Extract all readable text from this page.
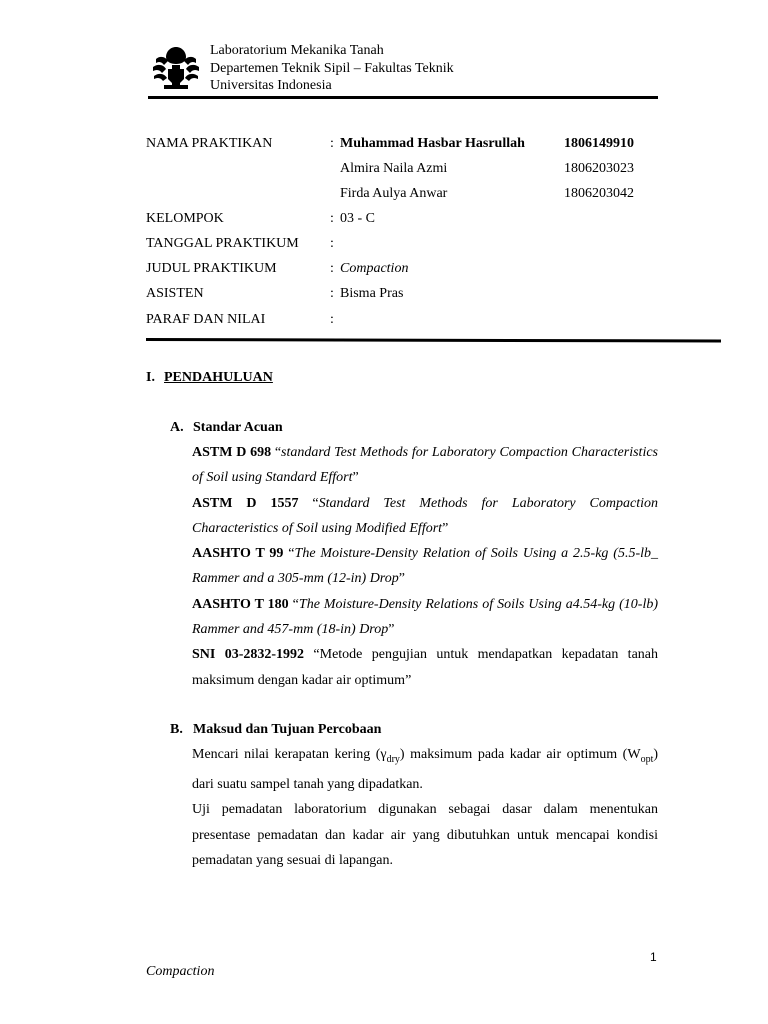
Laboratorium Mekanika Tanah
Departemen Teknik Sipil – Fakultas Teknik
Universitas Indonesia
NAMA PRAKTIKAN	: Muhammad Hasbar Hasrullah	1806149910
Almira Naila Azmi	1806203023
Firda Aulya Anwar	1806203042
KELOMPOK	: 03 - C
TANGGAL PRAKTIKUM :
JUDUL PRAKTIKUM	: Compaction
ASISTEN	: Bisma Pras
PARAF DAN NILAI	:
I. PENDAHULUAN
A. Standar Acuan
ASTM D 698 “standard Test Methods for Laboratory Compaction Characteristics of Soil using Standard Effort”
ASTM D 1557 “Standard Test Methods for Laboratory Compaction Characteristics of Soil using Modified Effort”
AASHTO T 99 “The Moisture-Density Relation of Soils Using a 2.5-kg (5.5-lb_ Rammer and a 305-mm (12-in) Drop”
AASHTO T 180 “The Moisture-Density Relations of Soils Using a4.54-kg (10-lb) Rammer and 457-mm (18-in) Drop”
SNI 03-2832-1992 “Metode pengujian untuk mendapatkan kepadatan tanah maksimum dengan kadar air optimum”
B. Maksud dan Tujuan Percobaan
Mencari nilai kerapatan kering $(\gamma_{dry})$ maksimum pada kadar air optimum $(W_{opt})$ dari suatu sampel tanah yang dipadatkan.
Uji pemadatan laboratorium digunakan sebagai dasar dalam menentukan presentase pemadatan dan kadar air yang dibutuhkan untuk mencapai kondisi pemadatan yang sesuai di lapangan.
1
Compaction
